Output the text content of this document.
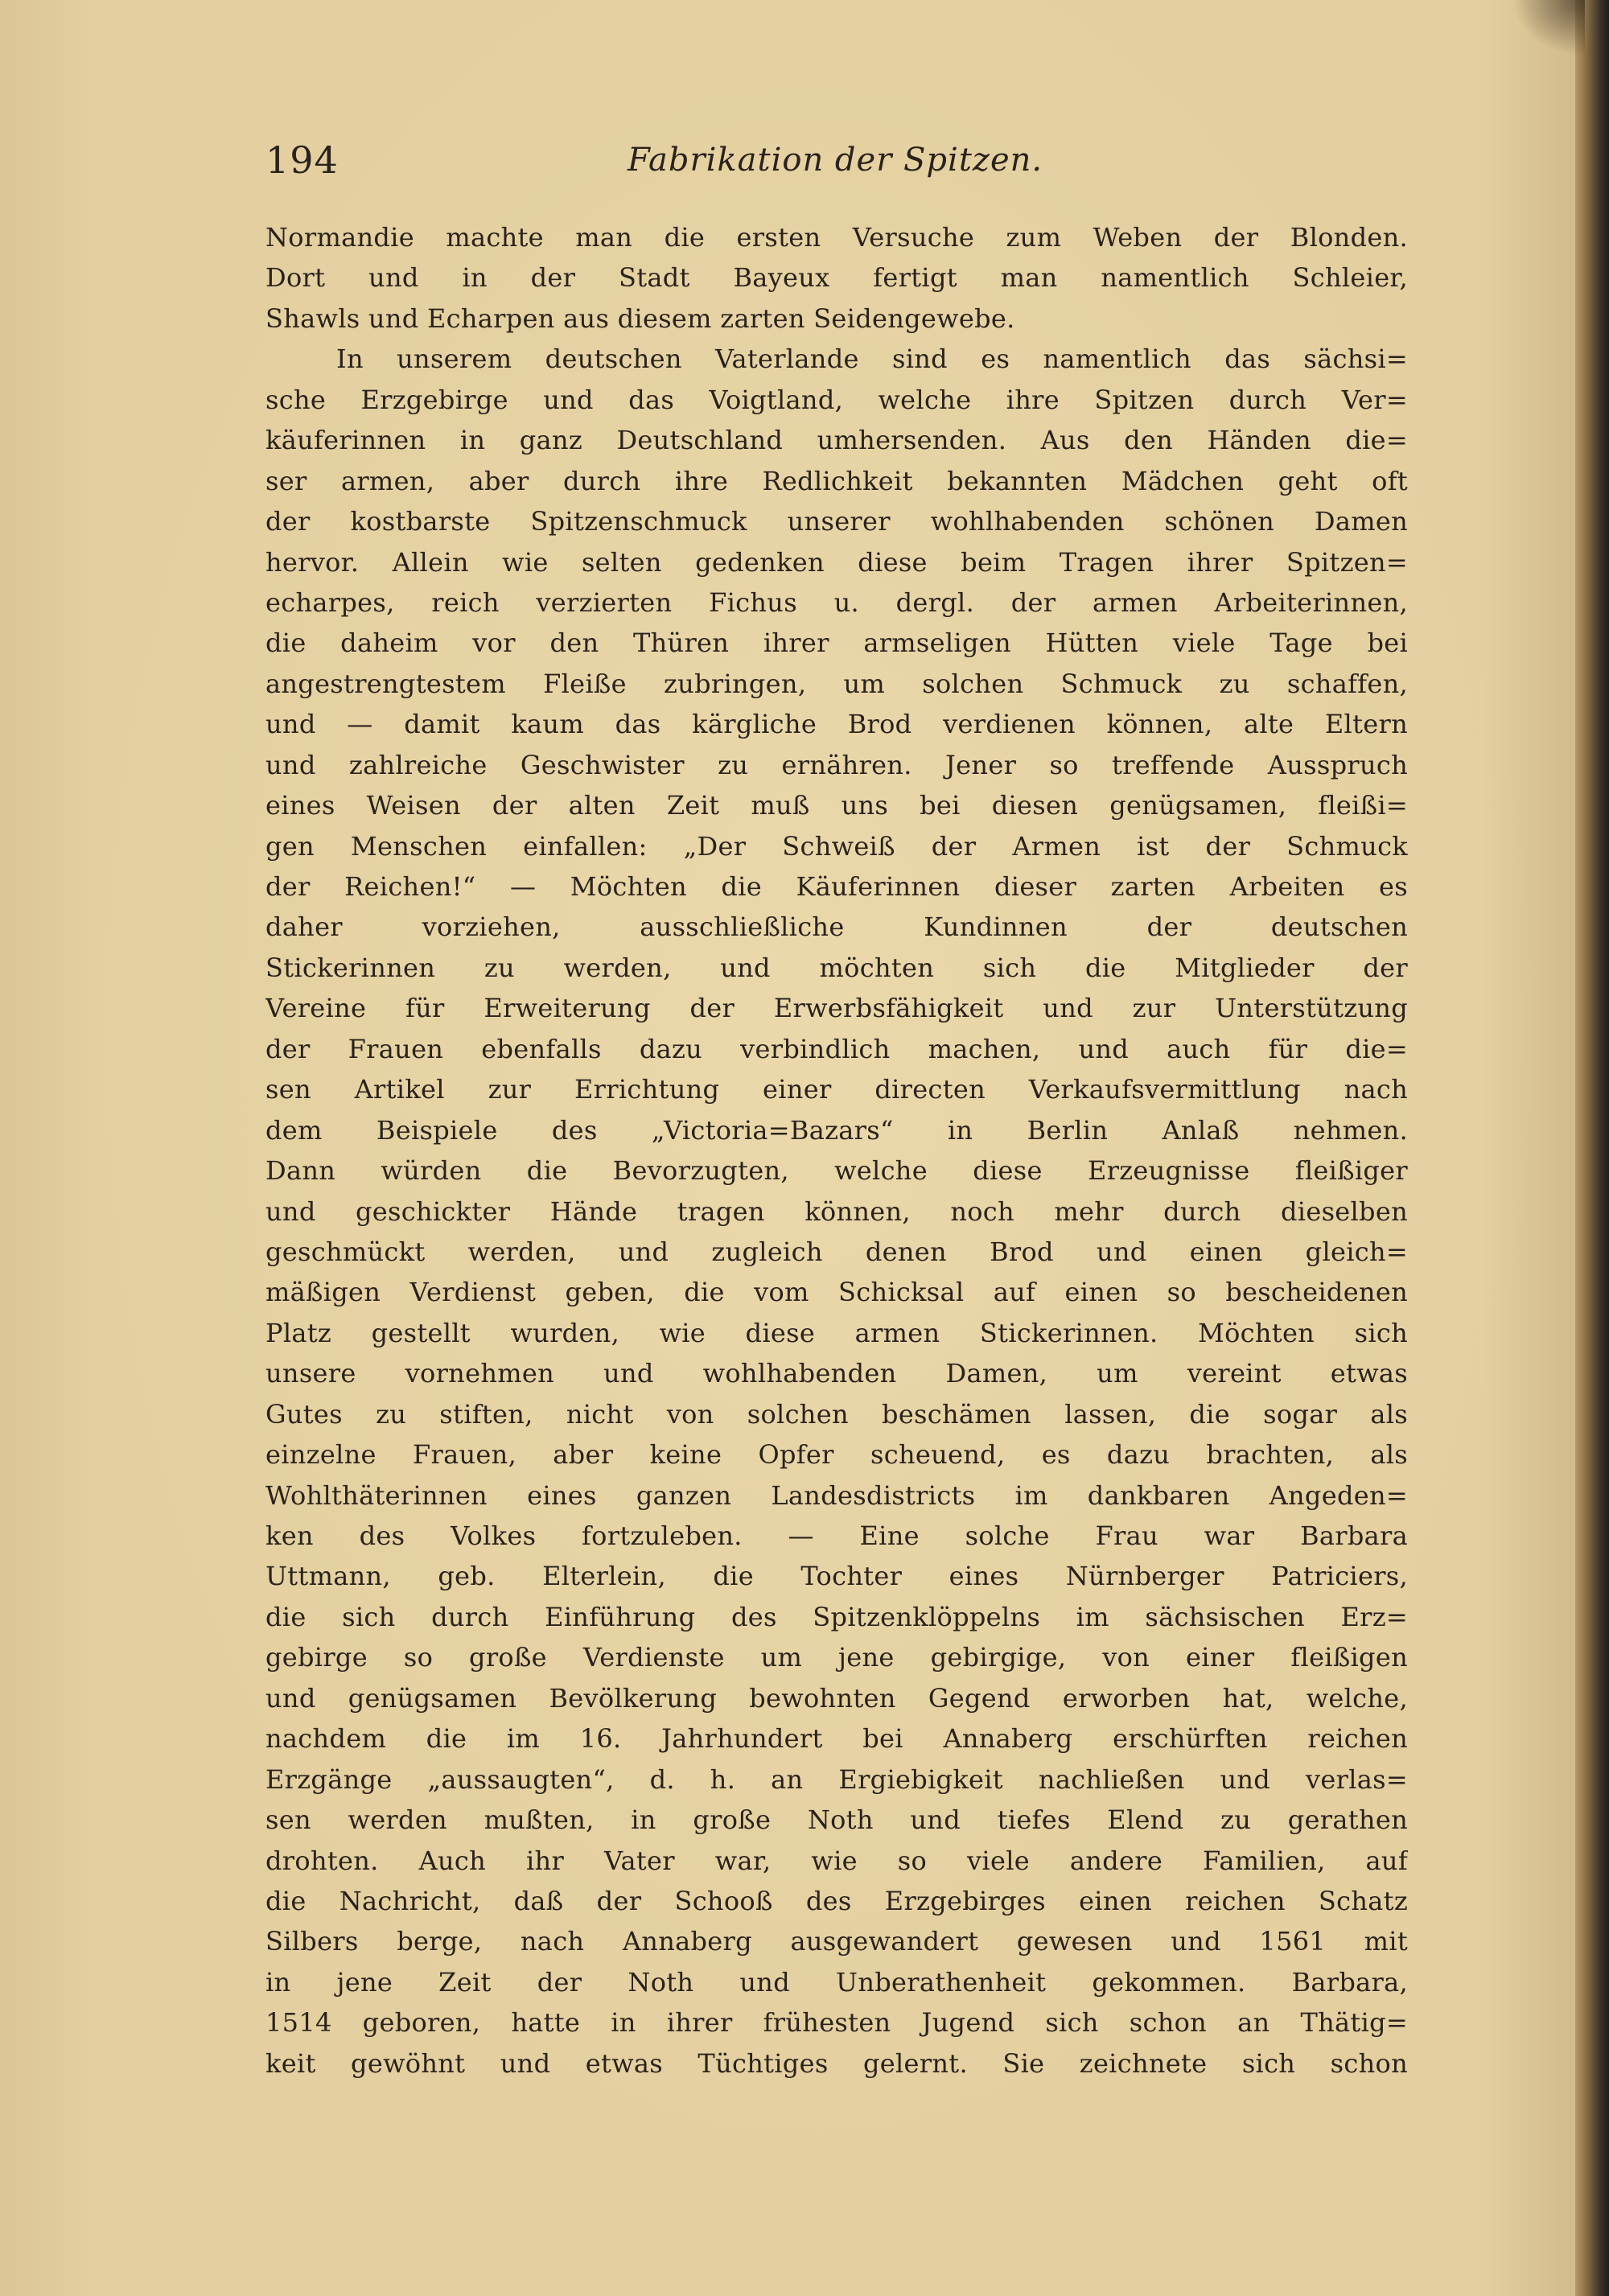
194	Fabrikation der Spitzen.
Normandie machte man die ersten Versuche zum Weben der Blonden.
Dort und in der Stadt Bayeux fertigt man namentlich Schleier,
Shawls und Echarpen aus diesem zarten Seidengewebe.
In unserem deutschen Vaterlande sind es namentlich das sächsi=
sche Erzgebirge und das Voigtland, welche ihre Spitzen durch Ver=
käuferinnen in ganz Deutschland umhersenden. Aus den Händen die=
ser armen, aber durch ihre Redlichkeit bekannten Mädchen geht oft
der kostbarste Spitzenschmuck unserer wohlhabenden schönen Damen
hervor. Allein wie selten gedenken diese beim Tragen ihrer Spitzen=
echarpes, reich verzierten Fichus u. dergl. der armen Arbeiterinnen,
die daheim vor den Thüren ihrer armseligen Hütten viele Tage bei
angestrengtestem Fleiße zubringen, um solchen Schmuck zu schaffen,
und — damit kaum das kärgliche Brod verdienen können, alte Eltern
und zahlreiche Geschwister zu ernähren. Jener so treffende Ausspruch
eines Weisen der alten Zeit muß uns bei diesen genügsamen, fleißi=
gen Menschen einfallen: „Der Schweiß der Armen ist der Schmuck
der Reichen!“ — Möchten die Käuferinnen dieser zarten Arbeiten es
daher vorziehen, ausschließliche Kundinnen der deutschen
Stickerinnen zu werden, und möchten sich die Mitglieder der
Vereine für Erweiterung der Erwerbsfähigkeit und zur Unterstützung
der Frauen ebenfalls dazu verbindlich machen, und auch für die=
sen Artikel zur Errichtung einer directen Verkaufsvermittlung nach
dem Beispiele des „Victoria=Bazars“ in Berlin Anlaß nehmen.
Dann würden die Bevorzugten, welche diese Erzeugnisse fleißiger
und geschickter Hände tragen können, noch mehr durch dieselben
geschmückt werden, und zugleich denen Brod und einen gleich=
mäßigen Verdienst geben, die vom Schicksal auf einen so bescheidenen
Platz gestellt wurden, wie diese armen Stickerinnen. Möchten sich
unsere vornehmen und wohlhabenden Damen, um vereint etwas
Gutes zu stiften, nicht von solchen beschämen lassen, die sogar als
einzelne Frauen, aber keine Opfer scheuend, es dazu brachten, als
Wohlthäterinnen eines ganzen Landesdistricts im dankbaren Angeden=
ken des Volkes fortzuleben. — Eine solche Frau war Barbara
Uttmann, geb. Elterlein, die Tochter eines Nürnberger Patriciers,
die sich durch Einführung des Spitzenklöppelns im sächsischen Erz=
gebirge so große Verdienste um jene gebirgige, von einer fleißigen
und genügsamen Bevölkerung bewohnten Gegend erworben hat, welche,
nachdem die im 16. Jahrhundert bei Annaberg erschürften reichen
Erzgänge „aussaugten“, d. h. an Ergiebigkeit nachließen und verlas=
sen werden mußten, in große Noth und tiefes Elend zu gerathen
drohten. Auch ihr Vater war, wie so viele andere Familien, auf
die Nachricht, daß der Schooß des Erzgebirges einen reichen Schatz
Silbers berge, nach Annaberg ausgewandert gewesen und 1561 mit
in jene Zeit der Noth und Unberathenheit gekommen. Barbara,
1514 geboren, hatte in ihrer frühesten Jugend sich schon an Thätig=
keit gewöhnt und etwas Tüchtiges gelernt. Sie zeichnete sich schon
